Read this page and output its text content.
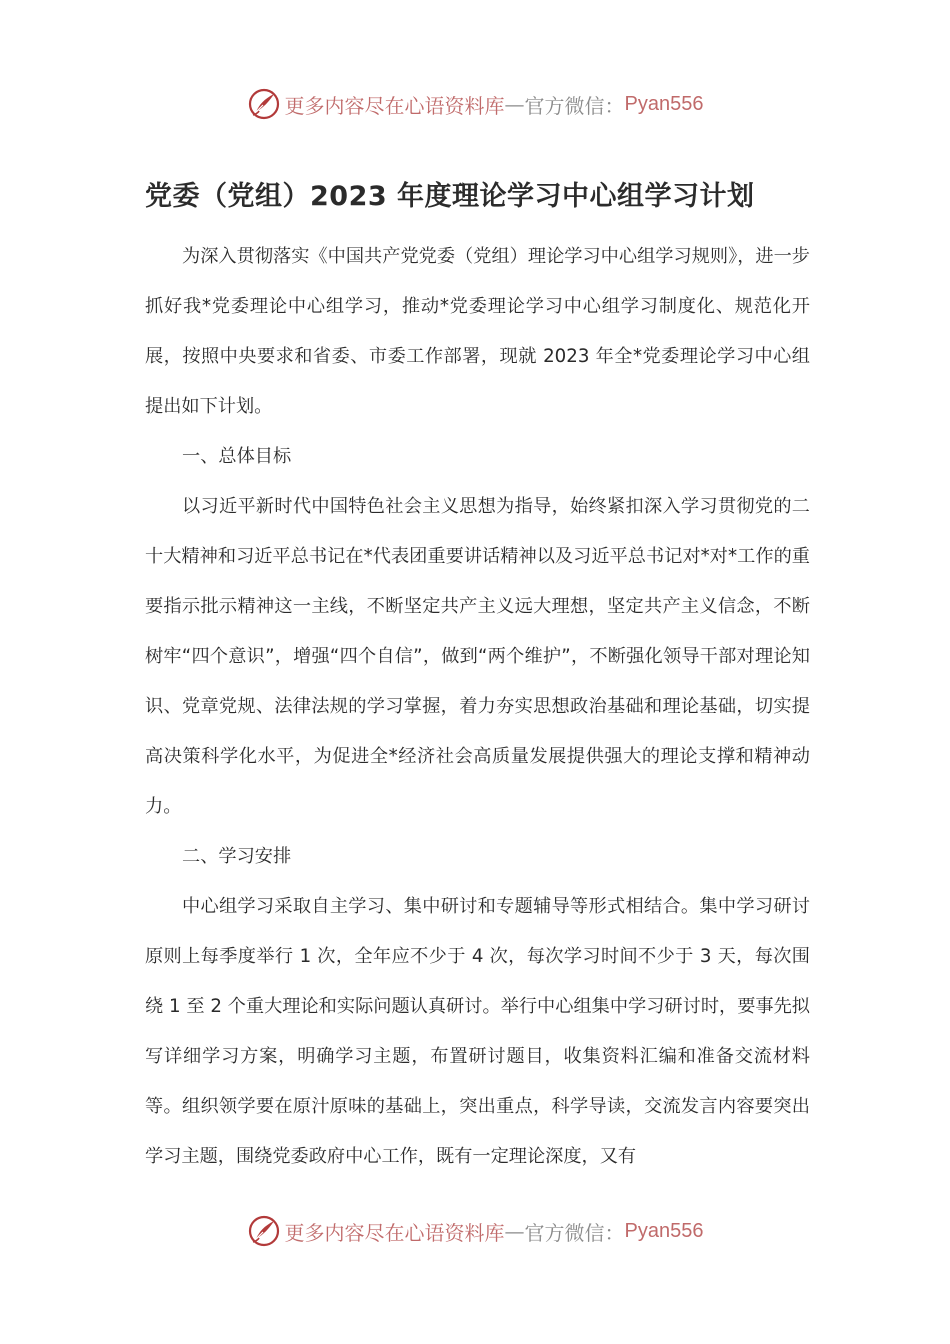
更多内容尽在心语资料库 — 官方微信： Pyan556
党委（党组）2023 年度理论学习中心组学习计划

为深入贯彻落实《中国共产党党委（党组）理论学习中心组学习规则》，进一步抓好我*党委理论中心组学习，推动*党委理论学习中心组学习制度化、规范化开展，按照中央要求和省委、市委工作部署，现就 2023 年全*党委理论学习中心组提出如下计划。

一、总体目标

以习近平新时代中国特色社会主义思想为指导，始终紧扣深入学习贯彻党的二十大精神和习近平总书记在*代表团重要讲话精神以及习近平总书记对*对*工作的重要指示批示精神这一主线，不断坚定共产主义远大理想，坚定共产主义信念，不断树牢“四个意识”，增强“四个自信”，做到“两个维护”，不断强化领导干部对理论知识、党章党规、法律法规的学习掌握，着力夯实思想政治基础和理论基础，切实提高决策科学化水平，为促进全*经济社会高质量发展提供强大的理论支撑和精神动力。

二、学习安排

中心组学习采取自主学习、集中研讨和专题辅导等形式相结合。集中学习研讨原则上每季度举行 1 次，全年应不少于 4 次，每次学习时间不少于 3 天，每次围绕 1 至 2 个重大理论和实际问题认真研讨。举行中心组集中学习研讨时，要事先拟写详细学习方案，明确学习主题，布置研讨题目，收集资料汇编和准备交流材料等。组织领学要在原汁原味的基础上，突出重点，科学导读，交流发言内容要突出学习主题，围绕党委政府中心工作，既有一定理论深度，又有

更多内容尽在心语资料库 — 官方微信： Pyan556
